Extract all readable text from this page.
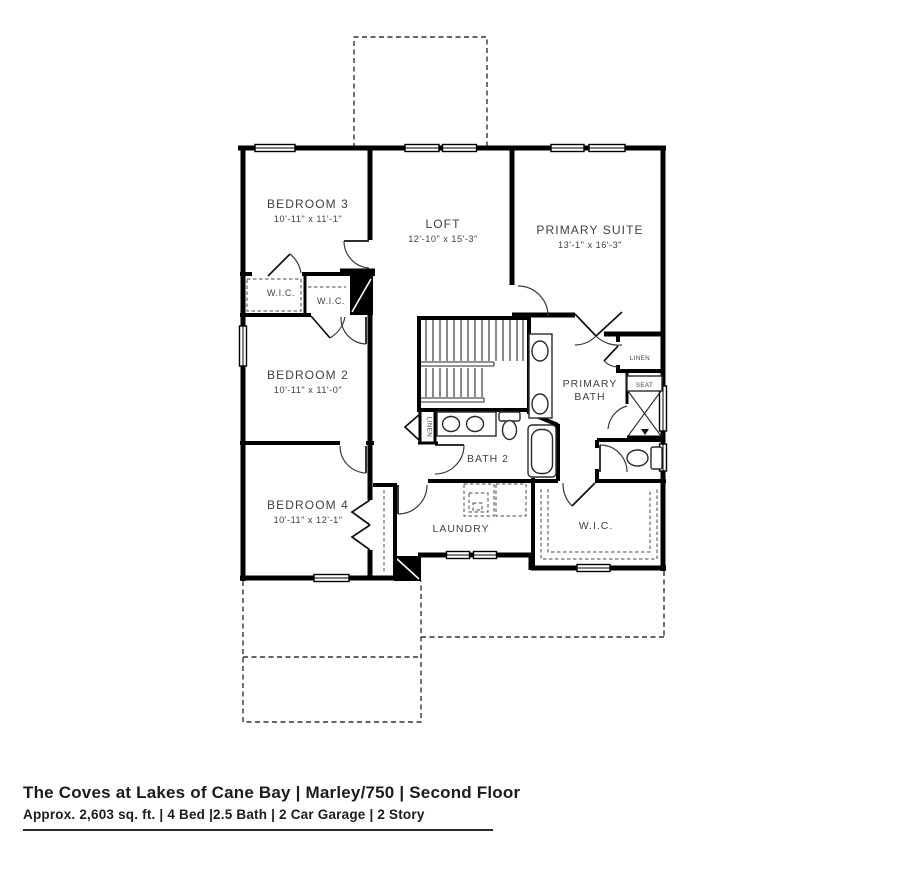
BEDROOM 3
10'-11" x 11'-1"	LOFT
12'-10" x 15'-3"
PRIMARY SUITE
13'-1" x 16'-3"
W.I.C.
W.I.C.
BEDROOM 2
10'-11" x 11'-0"
BEDROOM 4
10'-11" x 12'-1"
PRIMARY
BATH
LINEN
SEAT
BATH 2
LAUNDRY	W.I.C.
LINEN
The Coves at Lakes of Cane Bay | Marley/750 | Second Floor
Approx. 2,603 sq. ft. | 4 Bed |2.5 Bath | 2 Car Garage | 2 Story
